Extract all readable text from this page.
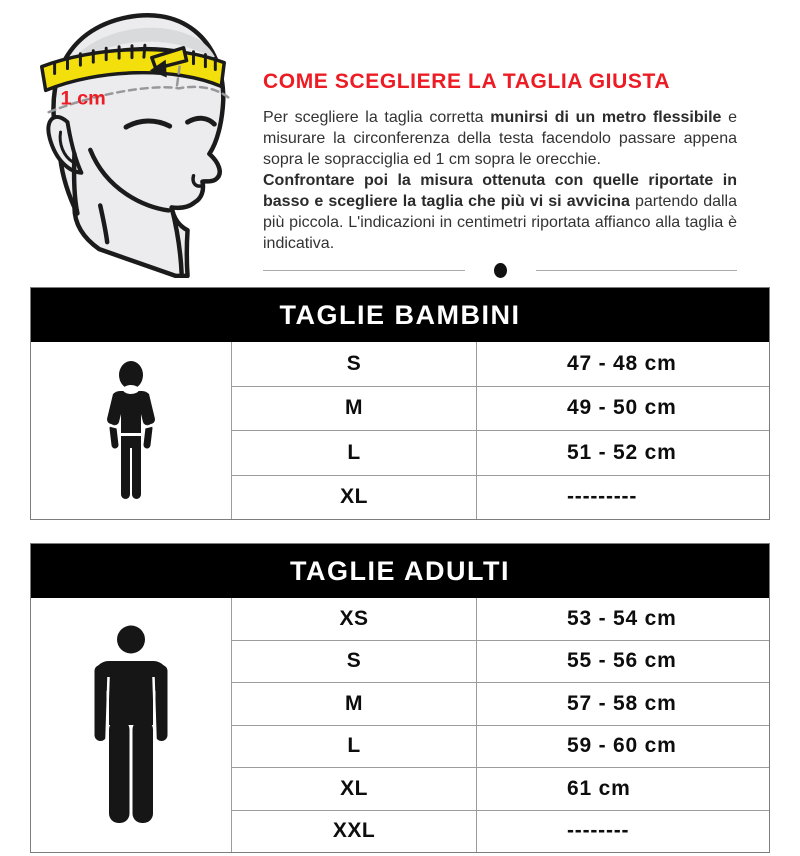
1 cm
COME SCEGLIERE LA TAGLIA GIUSTA

Per scegliere la taglia corretta munirsi di un metro flessibile e misurare la circonferenza della testa facendolo passare appena sopra le sopracciglia ed 1 cm sopra le orecchie.
Confrontare poi la misura ottenuta con quelle riportate in basso e scegliere la taglia che più vi si avvicina partendo dalla più piccola. L'indicazioni in centimetri riportata affianco alla taglia è indicativa.

TAGLIE BAMBINI
S	47 - 48 cm
M	49 - 50 cm
L	51 - 52 cm
XL	---------
TAGLIE ADULTI
XS	53 - 54 cm
S	55 - 56 cm
M	57 - 58 cm
L	59 - 60 cm
XL	61 cm
XXL	--------
